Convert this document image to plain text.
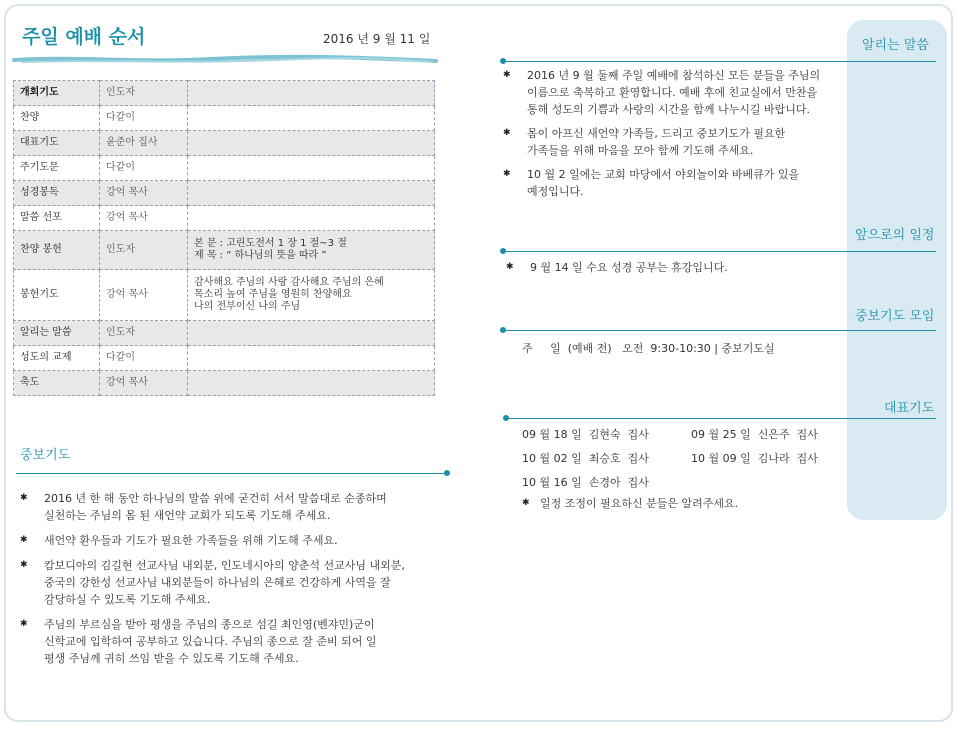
주일 예배 순서	2016 년 9 월 11 일
개회기도	인도자	
찬양	다같이	
대표기도	윤준아 집사	
주기도문	다같이	
성경봉독	강억 목사	
말씀 선포	강억 목사	
찬양 봉헌	인도자	본 문 : 고린도전서 1 장 1 절~3 절
제 목 : “ 하나님의 뜻을 따라 ”

봉헌기도	강억 목사	감사해요 주님의 사랑 감사해요 주님의 은혜
목소리 높여 주님을 영원히 찬양해요
나의 전부이신 나의 주님

알리는 말씀	인도자	
성도의 교제	다같이	
축도	강억 목사	
중보기도
✱ 2016 년 한 해 동안 하나님의 말씀 위에 굳건히 서서 말씀대로 순종하며
실천하는 주님의 몸 된 새언약 교회가 되도록 기도해 주세요.
✱ 새언약 환우들과 기도가 필요한 가족들을 위해 기도해 주세요.
✱ 캄보디아의 김길현 선교사님 내외분, 인도네시아의 양춘석 선교사님 내외분,
중국의 강한성 선교사님 내외분들이 하나님의 은혜로 건강하게 사역을 잘
감당하실 수 있도록 기도해 주세요.
✱ 주님의 부르심을 받아 평생을 주님의 종으로 섬길 최인영(벤쟈민)군이
신학교에 입학하여 공부하고 있습니다. 주님의 종으로 잘 준비 되어 일
평생 주님께 귀히 쓰임 받을 수 있도록 기도해 주세요.
알리는 말씀
✱ 2016 년 9 월 둘째 주일 예배에 참석하신 모든 분들을 주님의
이름으로 축복하고 환영합니다. 예배 후에 친교실에서 만찬을
통해 성도의 기쁨과 사랑의 시간을 함께 나누시길 바랍니다.
✱ 몸이 아프신 새언약 가족들, 드리고 중보기도가 필요한
가족들을 위해 마음을 모아 함께 기도해 주세요.
✱ 10 월 2 일에는 교회 마당에서 야외놀이와 바베큐가 있을
예정입니다.
앞으로의 일정
✱ 9 월 14 일 수요 성경 공부는 휴강입니다.
중보기도 모임
주     일  (예배 전)   오전  9:30-10:30 | 중보기도실
대표기도
09 월 18 일  김현숙  집사	09 월 25 일  신은주  집사
10 월 02 일  최승호  집사	10 월 09 일  김나라  집사
10 월 16 일  손경아  집사
✱ 일정 조정이 필요하신 분들은 알려주세요.
